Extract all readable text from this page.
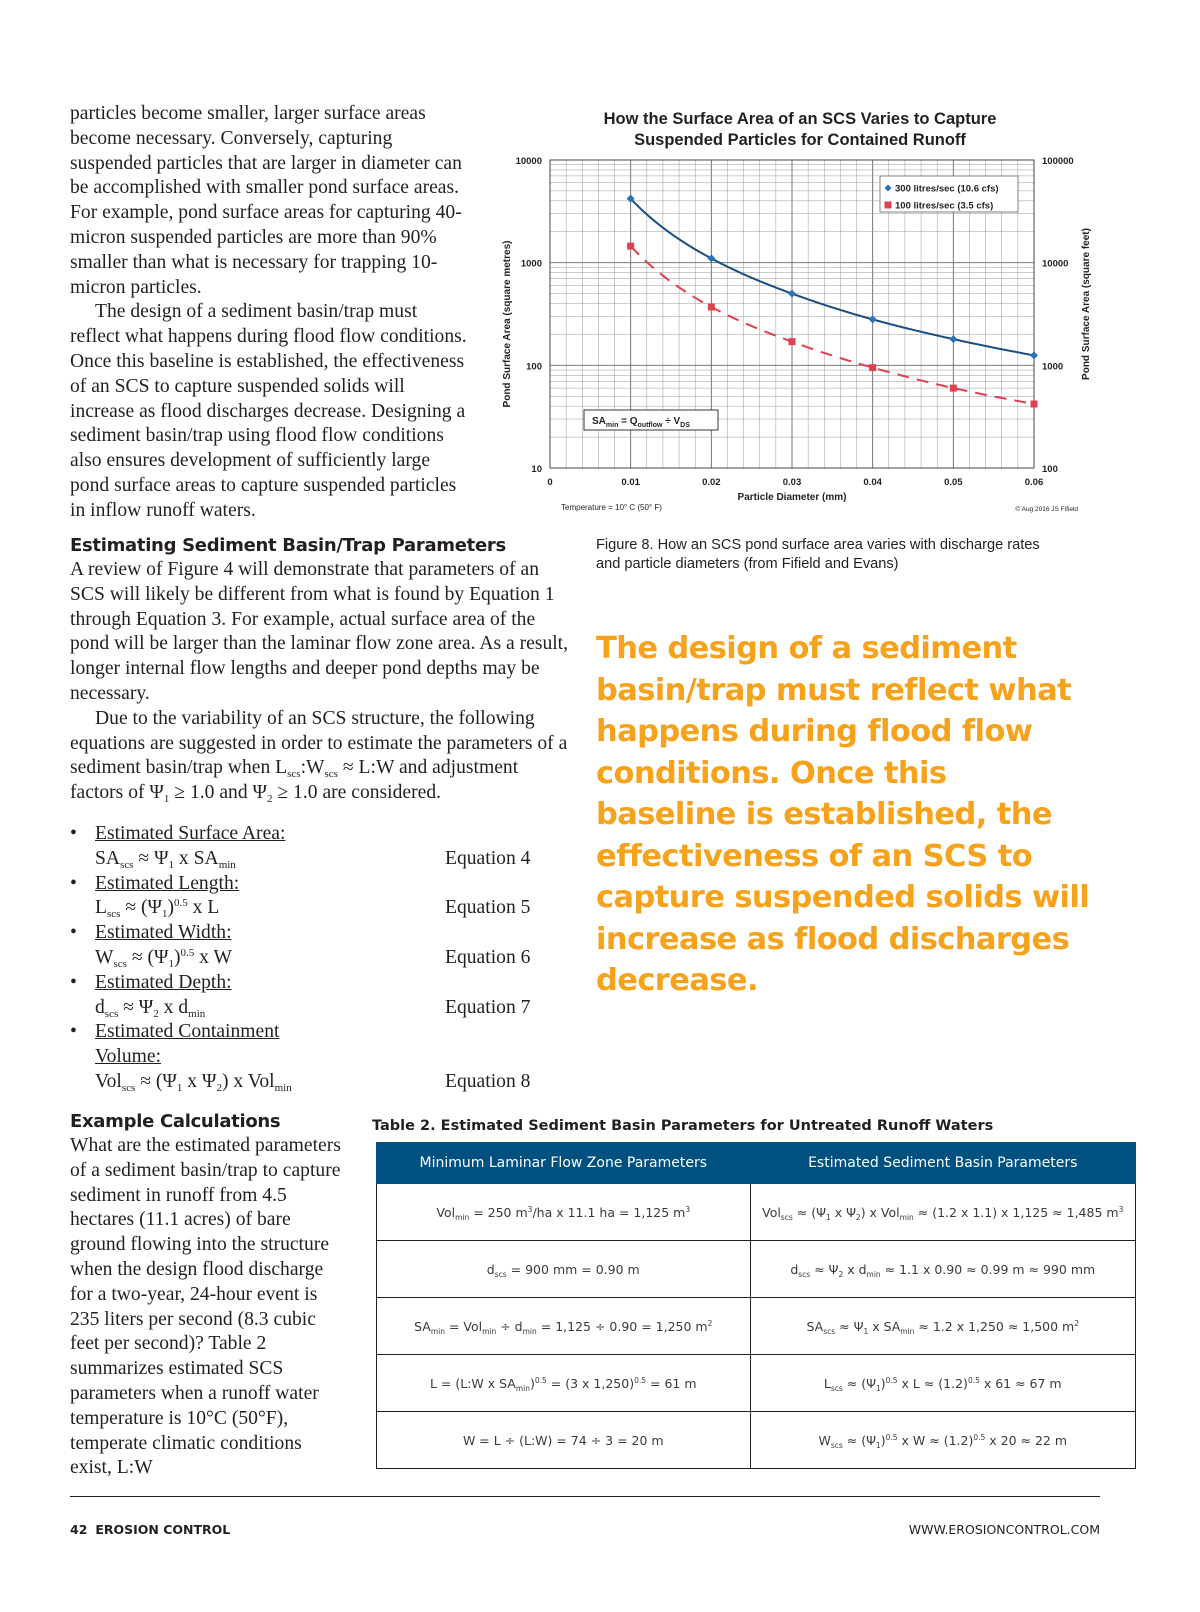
particles become smaller, larger surface areas become necessary. Conversely, capturing suspended particles that are larger in diameter can be accomplished with smaller pond surface areas. For example, pond surface areas for capturing 40-micron suspended particles are more than 90% smaller than what is necessary for trapping 10-micron particles.

The design of a sediment basin/trap must reflect what happens during flood flow conditions. Once this baseline is established, the effectiveness of an SCS to capture suspended solids will increase as flood discharges decrease. Designing a sediment basin/trap using flood flow conditions also ensures development of sufficiently large pond surface areas to capture suspended particles in inflow runoff waters.

How the Surface Area of an SCS Varies to Capture
Suspended Particles for Contained Runoff
0	0.01	0.02	0.03	0.04	0.05	0.06
10
100
1000
10000
100
1000
10000
100000
Particle Diameter (mm)
Pond Surface Area (square metres)	Pond Surface Area (square feet)
300 litres/sec (10.6 cfs)
100 litres/sec (3.5 cfs)
$SA_{min} = Q_{outflow} \div V_{DS}$
Temperature = 10° C (50° F)	© Aug 2016 JS Fifield
Figure 8. How an SCS pond surface area varies with discharge rates and particle diameters (from Fifield and Evans)
The design of a sediment basin/trap must reflect what happens during flood flow conditions. Once this baseline is established, the effectiveness of an SCS to capture suspended solids will increase as flood discharges decrease.

Estimating Sediment Basin/Trap Parameters

A review of Figure 4 will demonstrate that parameters of an SCS will likely be different from what is found by Equation 1 through Equation 3. For example, actual surface area of the pond will be larger than the laminar flow zone area. As a result, longer internal flow lengths and deeper pond depths may be necessary.

Due to the variability of an SCS structure, the following equations are suggested in order to estimate the parameters of a sediment basin/trap when $L_{scs}:W_{scs}$ ≈ L:W and adjustment factors of $\Psi_1 \ge 1.0$ and $\Psi_2 \ge 1.0$ are considered.

• Estimated Surface Area:
$SA_{scs} \approx \Psi_1$ x $SA_{min}$	Equation 4
• Estimated Length:
$L_{scs} \approx (\Psi_1)^{0.5}$ x L	Equation 5
• Estimated Width:
$W_{scs} \approx (\Psi_1)^{0.5}$ x W	Equation 6
• Estimated Depth:
$d_{scs} \approx \Psi_2$ x $d_{min}$	Equation 7
• Estimated Containment
Volume:
$Vol_{scs} \approx (\Psi_1$ x $\Psi_2$) x Vol$_{min}$	Equation 8

Example Calculations

What are the estimated parameters of a sediment basin/trap to capture sediment in runoff from 4.5 hectares (11.1 acres) of bare ground flowing into the structure when the design flood discharge for a two-year, 24-hour event is 235 liters per second (8.3 cubic feet per second)? Table 2 summarizes estimated SCS parameters when a runoff water temperature is 10°C (50°F), temperate climatic conditions exist, L:W

Table 2. Estimated Sediment Basin Parameters for Untreated Runoff Waters
Minimum Laminar Flow Zone Parameters	Estimated Sediment Basin Parameters
Vol$_{min}$ = 250 $m^3/ha$ x 11.1 ha = 1,125 $m^3$	$Vol_{scs} \approx (\Psi_1$ x $\Psi_2$) x Vol$_{min}$ ≈ (1.2 x 1.1) x 1,125 ≈ 1,485 $m^3$
$d_{scs} = 900$ mm = 0.90 m	$d_{scs} \approx \Psi_2$ x $d_{min} \approx 1.1$ x 0.90 ≈ 0.99 m ≈ 990 mm
$SA_{min} = Vol_{min} \div d_{min} = 1,125 \div 0.90 = 1,250$ $m^2$	$SA_{scs} \approx \Psi_1$ x $SA_{min} \approx 1.2$ x 1,250 ≈ 1,500 $m^2$
L = (L:W x $SA_{min})^{0.5} = (3$ x 1,250)$^{0.5}$ = 61 m	$L_{scs} \approx (\Psi_1)^{0.5}$ x $L \approx (1.2)^{0.5}$ x 61 ≈ 67 m
W = L ÷ (L:W) = 74 ÷ 3 = 20 m	$W_{scs} \approx (\Psi_1)^{0.5}$ x $W \approx (1.2)^{0.5}$ x 20 ≈ 22 m
42 EROSION CONTROL	WWW.EROSIONCONTROL.COM
